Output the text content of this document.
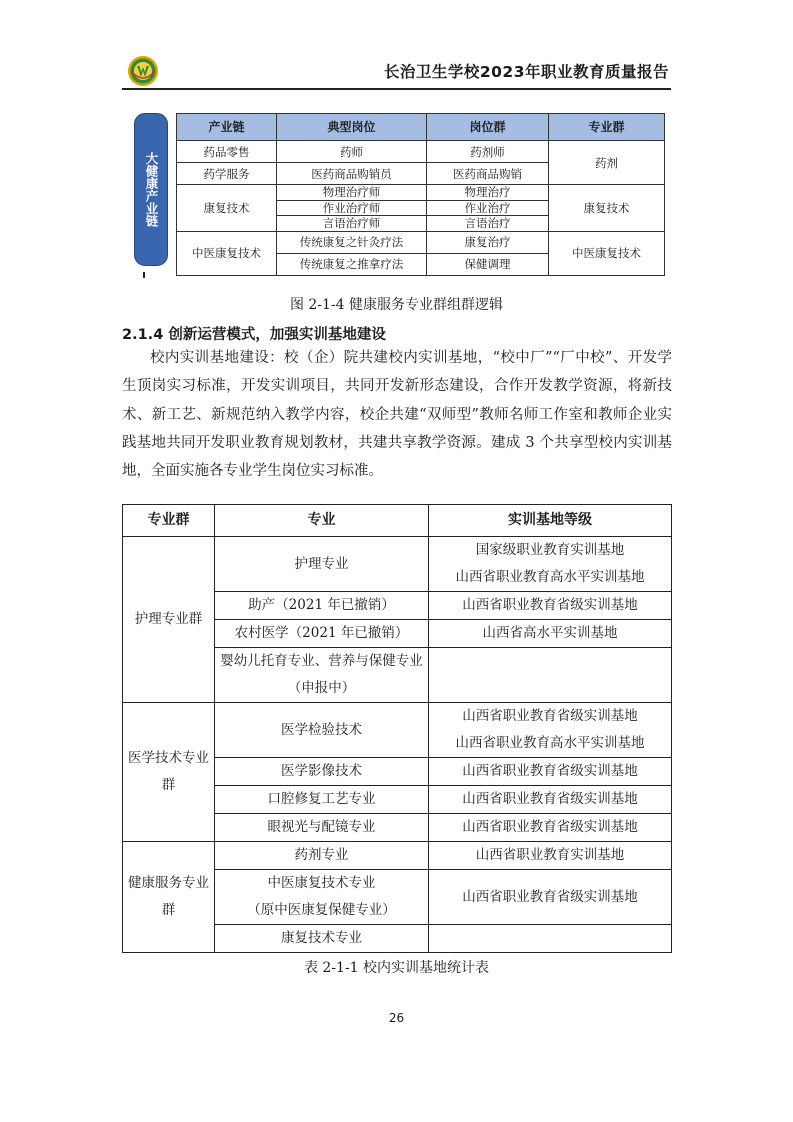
长治卫生学校2023年职业教育质量报告
大健康产业链
产业链	典型岗位	岗位群	专业群
药品零售	药师	药剂师	药剂
药学服务	医药商品购销员	医药商品购销	
康复技术	物理治疗师	物理治疗	康复技术
	作业治疗师	作业治疗	
	言语治疗师	言语治疗	
中医康复技术	传统康复之针灸疗法	康复治疗	中医康复技术
	传统康复之推拿疗法	保健调理	
图 2-1-4 健康服务专业群组群逻辑
2.1.4 创新运营模式，加强实训基地建设

校内实训基地建设：校（企）院共建校内实训基地，“校中厂”“厂中校”、开发学生顶岗实习标准，开发实训项目，共同开发新形态建设，合作开发教学资源，将新技术、新工艺、新规范纳入教学内容，校企共建“双师型”教师名师工作室和教师企业实践基地共同开发职业教育规划教材，共建共享教学资源。建成 3 个共享型校内实训基地，全面实施各专业学生岗位实习标准。

专业群	专业	实训基地等级
护理专业群	护理专业	国家级职业教育实训基地
山西省职业教育高水平实训基地
	助产（2021 年已撤销）	山西省职业教育省级实训基地
	农村医学（2021 年已撤销）	山西省高水平实训基地
	婴幼儿托育专业、营养与保健专业（申报中）	
医学技术专业群	医学检验技术	山西省职业教育省级实训基地
山西省职业教育高水平实训基地
	医学影像技术	山西省职业教育省级实训基地
	口腔修复工艺专业	山西省职业教育省级实训基地
	眼视光与配镜专业	山西省职业教育省级实训基地
健康服务专业群	药剂专业	山西省职业教育实训基地
	中医康复技术专业
（原中医康复保健专业）	山西省职业教育省级实训基地
	康复技术专业	
表 2-1-1 校内实训基地统计表
26
